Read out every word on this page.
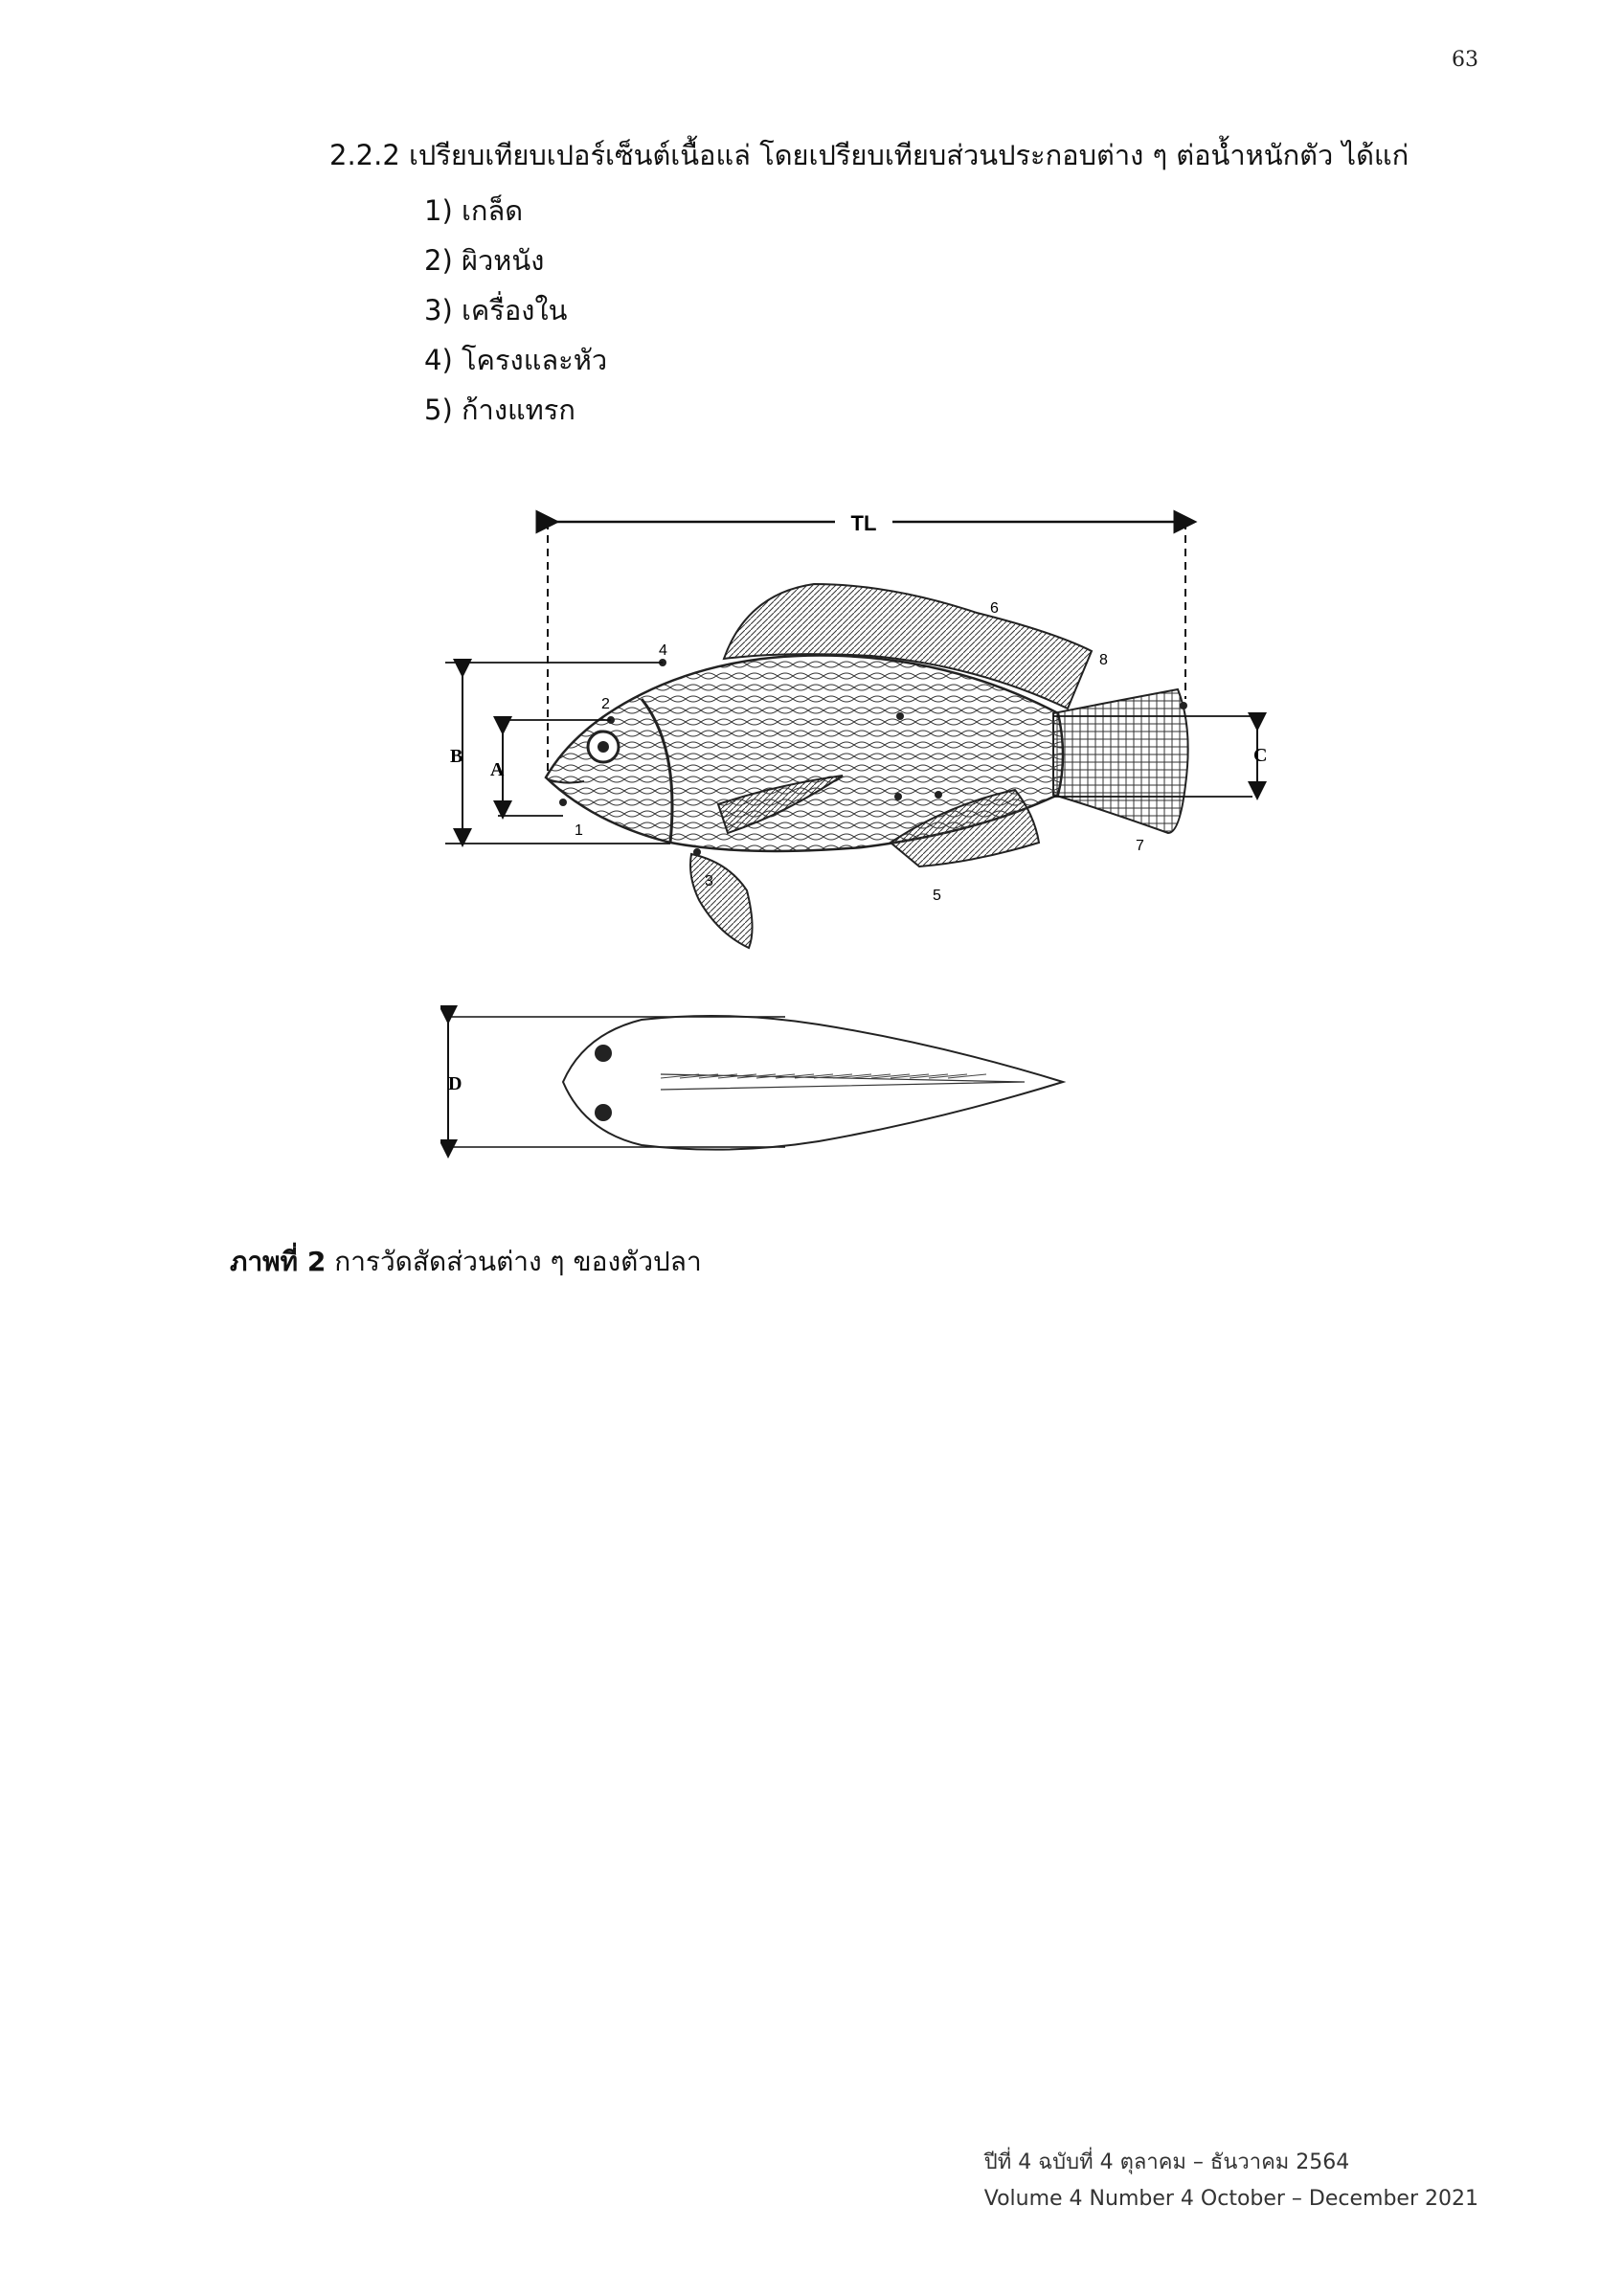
63
2.2.2 เปรียบเทียบเปอร์เซ็นต์เนื้อแล่ โดยเปรียบเทียบส่วนประกอบต่าง ๆ ต่อน้ำหนักตัว ได้แก่
1) เกล็ด
2) ผิวหนัง
3) เครื่องใน
4) โครงและหัว
5) ก้างแทรก
TL
B
A
C
1
2
3
4
5
6
7
8
D
ภาพที่ 2 การวัดสัดส่วนต่าง ๆ ของตัวปลา
ปีที่ 4 ฉบับที่ 4 ตุลาคม – ธันวาคม 2564
Volume 4 Number 4 October – December 2021
